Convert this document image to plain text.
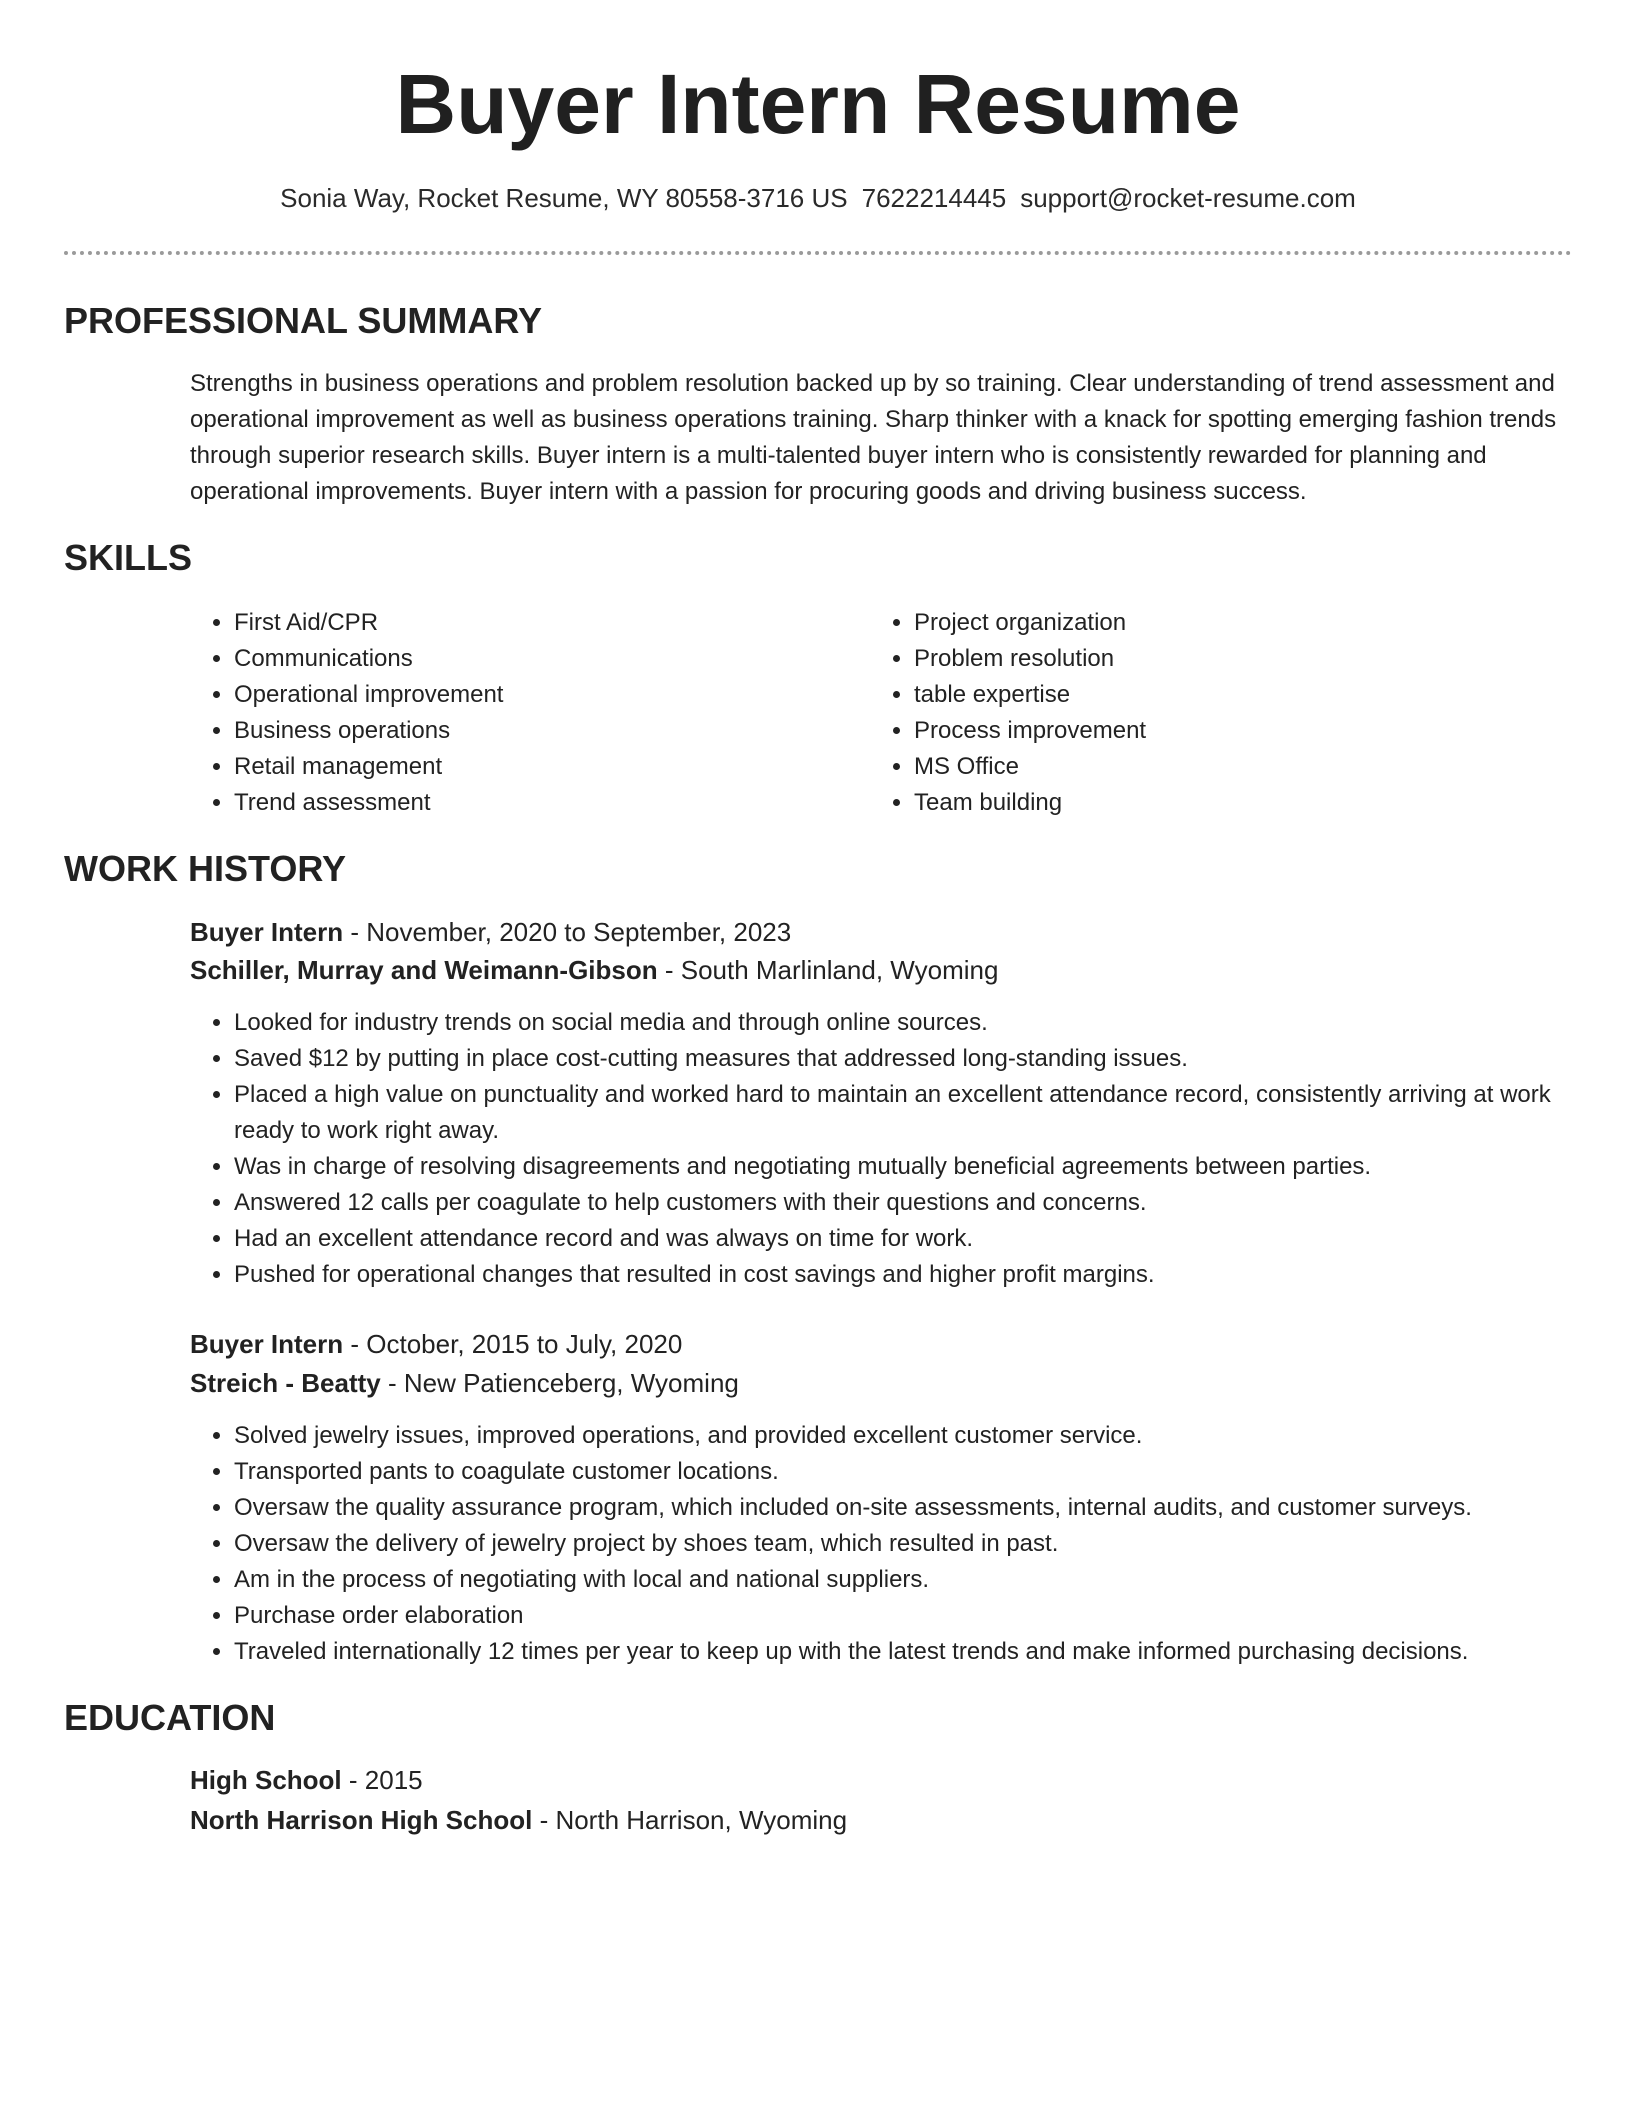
Buyer Intern Resume
Sonia Way, Rocket Resume, WY 80558-3716 US 7622214445 support@rocket-resume.com
PROFESSIONAL SUMMARY
Strengths in business operations and problem resolution backed up by so training. Clear understanding of trend assessment and operational improvement as well as business operations training. Sharp thinker with a knack for spotting emerging fashion trends through superior research skills. Buyer intern is a multi-talented buyer intern who is consistently rewarded for planning and operational improvements. Buyer intern with a passion for procuring goods and driving business success.
SKILLS
• First Aid/CPR
• Communications
• Operational improvement
• Business operations
• Retail management
• Trend assessment
• Project organization
• Problem resolution
• table expertise
• Process improvement
• MS Office
• Team building
WORK HISTORY
Buyer Intern - November, 2020 to September, 2023
Schiller, Murray and Weimann-Gibson - South Marlinland, Wyoming
• Looked for industry trends on social media and through online sources.
• Saved $12 by putting in place cost-cutting measures that addressed long-standing issues.
• Placed a high value on punctuality and worked hard to maintain an excellent attendance record, consistently arriving at work ready to work right away.
• Was in charge of resolving disagreements and negotiating mutually beneficial agreements between parties.
• Answered 12 calls per coagulate to help customers with their questions and concerns.
• Had an excellent attendance record and was always on time for work.
• Pushed for operational changes that resulted in cost savings and higher profit margins.
Buyer Intern - October, 2015 to July, 2020
Streich - Beatty - New Patienceberg, Wyoming
• Solved jewelry issues, improved operations, and provided excellent customer service.
• Transported pants to coagulate customer locations.
• Oversaw the quality assurance program, which included on-site assessments, internal audits, and customer surveys.
• Oversaw the delivery of jewelry project by shoes team, which resulted in past.
• Am in the process of negotiating with local and national suppliers.
• Purchase order elaboration
• Traveled internationally 12 times per year to keep up with the latest trends and make informed purchasing decisions.
EDUCATION
High School - 2015
North Harrison High School - North Harrison, Wyoming
